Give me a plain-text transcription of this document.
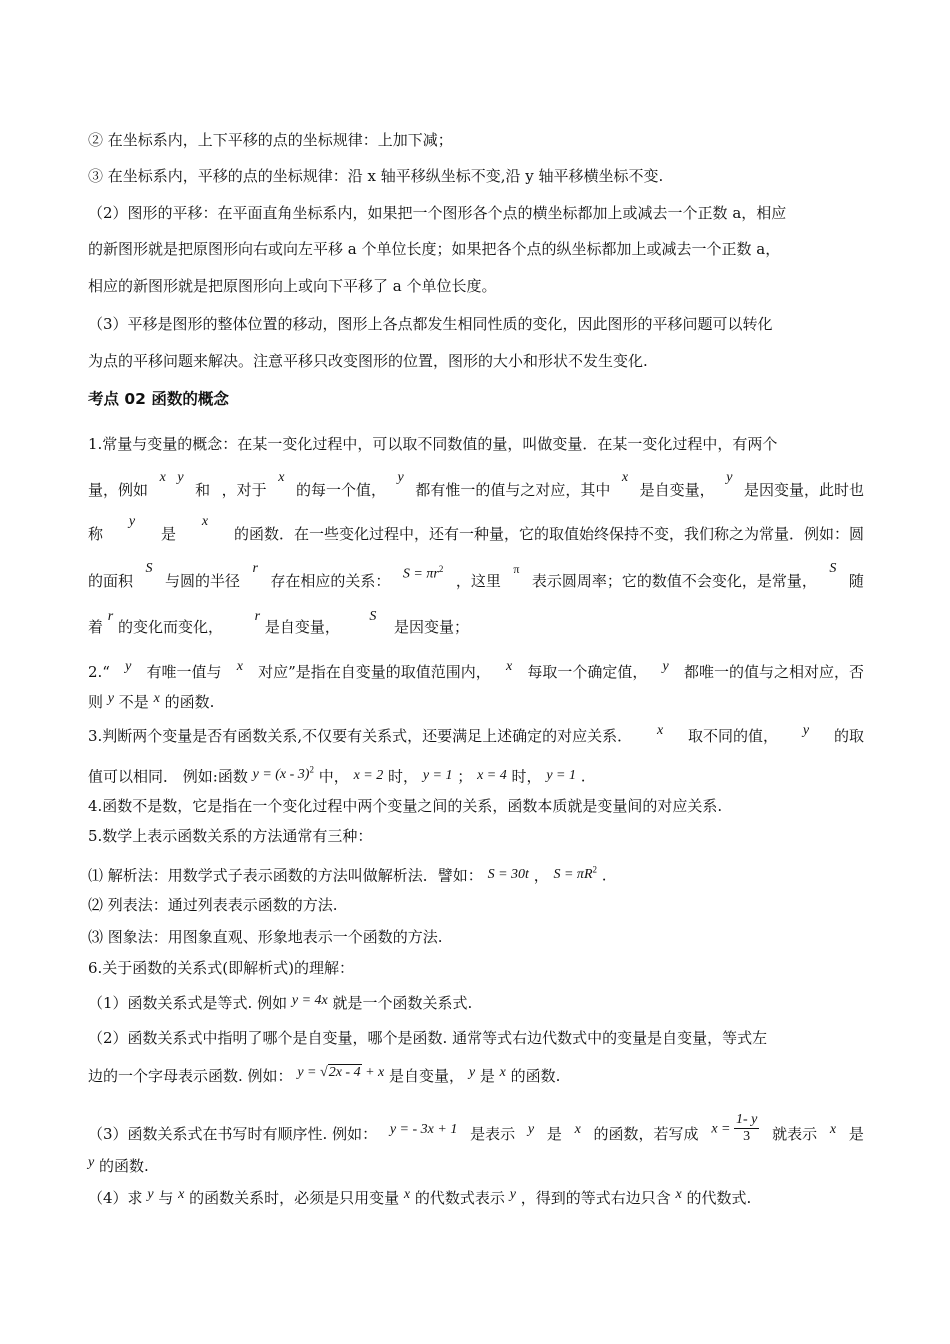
② 在坐标系内，上下平移的点的坐标规律：上加下减；
③ 在坐标系内，平移的点的坐标规律：沿 x 轴平移纵坐标不变,沿 y 轴平移横坐标不变.
（2）图形的平移：在平面直角坐标系内，如果把一个图形各个点的横坐标都加上或减去一个正数 a，相应
的新图形就是把原图形向右或向左平移 a 个单位长度；如果把各个点的纵坐标都加上或减去一个正数 a，
相应的新图形就是把原图形向上或向下平移了 a 个单位长度。
（3）平移是图形的整体位置的移动，图形上各点都发生相同性质的变化，因此图形的平移问题可以转化
为点的平移问题来解决。注意平移只改变图形的位置，图形的大小和形状不发生变化.
考点 02 函数的概念
1.常量与变量的概念：在某一变化过程中，可以取不同数值的量，叫做变量．在某一变化过程中，有两个
量，例如
x y
和 ，对于
x
的每一个值，
y
都有惟一的值与之对应，其中
x
是自变量，
y
是因变量，此时也
称
y
是
x
的函数．在一些变化过程中，还有一种量，它的取值始终保持不变，我们称之为常量．例如：圆
的面积
S
与圆的半径
r
存在相应的关系： $S = \pi r^2$
，这里
π
表示圆周率；它的数值不会变化，是常量，
S
随
着 r 的变化而变化，  r 是自变量，  S  是因变量；
2.“ y 有唯一值与 x 对应”是指在自变量的取值范围内， x 每取一个确定值， y 都唯一的值与之相对应，否
则 y 不是 x 的函数.
3.判断两个变量是否有函数关系,不仅要有关系式，还要满足上述确定的对应关系． x 取不同的值， y 的取
值可以相同． 例如:函数 y = (x - 3)$^2$ 中， x = 2 时， y = 1 ； x = 4 时， y = 1 .
4.函数不是数，它是指在一个变化过程中两个变量之间的关系，函数本质就是变量间的对应关系.
5.数学上表示函数关系的方法通常有三种：
⑴ 解析法：用数学式子表示函数的方法叫做解析法．譬如： S = 30t ， $S = \pi R^2$ .
⑵ 列表法：通过列表表示函数的方法.
⑶ 图象法：用图象直观、形象地表示一个函数的方法.
6.关于函数的关系式(即解析式)的理解：
（1）函数关系式是等式. 例如 y = 4x 就是一个函数关系式.
（2）函数关系式中指明了哪个是自变量，哪个是函数. 通常等式右边代数式中的变量是自变量，等式左
边的一个字母表示函数. 例如： y = √2x - 4 + x 是自变量， y 是 x 的函数.
（3）函数关系式在书写时有顺序性. 例如： y = - 3x + 1 是表示 y 是 x 的函数，若写成 $x = \frac{1- y}{3}$ 就表示 x 是
y 的函数.
（4）求 y 与 x 的函数关系时，必须是只用变量 x 的代数式表示 y ，得到的等式右边只含 x 的代数式.
